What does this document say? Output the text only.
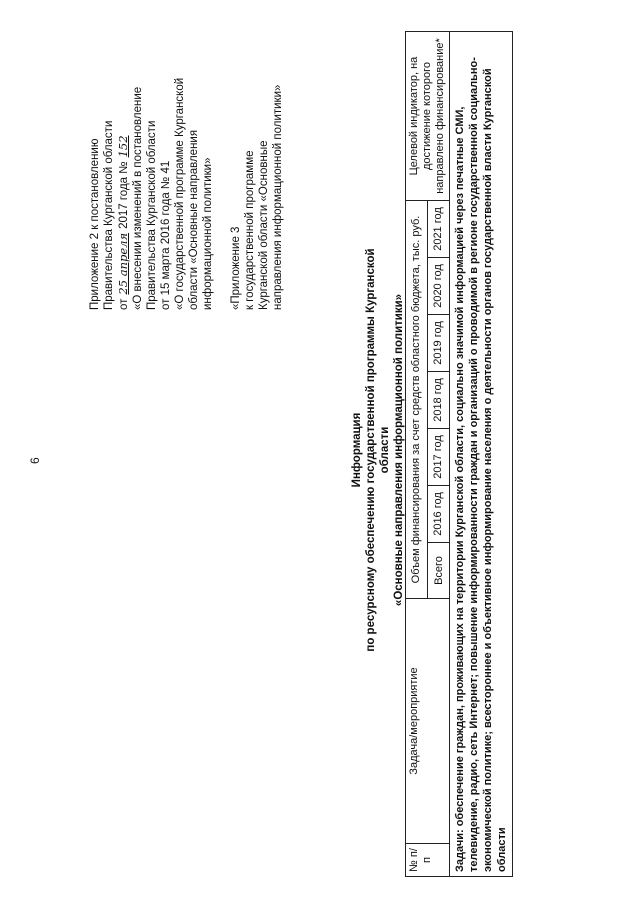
6
Приложение 2 к постановлению Правительства Курганской области от25 апреля2017 года №152 «О внесении изменений в постановление Правительства Курганской области от 15 марта 2016 года № 41 «О государственной программе Курганской области «Основные направления информационной политики» «Приложение 3 к государственной программе Курганской области «Основные направления информационной политики»
Информация по ресурсному обеспечению государственной программы Курганской области «Основные направления информационной политики»
№ п/п	Задача/мероприятие	Объем финансирования за счет средств областного бюджета, тыс. руб.							Целевой индикатор, на достижение которого направлено финансирование*
		Всего	2016 год	2017 год	2018 год	2019 год	2020 год	2021 год	
Задачи: обеспечение граждан, проживающих на территории Курганской области, социально значимой информацией через печатные СМИ, телевидение, радио, сеть Интернет; повышение информированности граждан и организаций о проводимой в регионе государственной социально-экономической политике; всестороннее и объективное информирование населения о деятельности органов государственной власти Курганской области									
